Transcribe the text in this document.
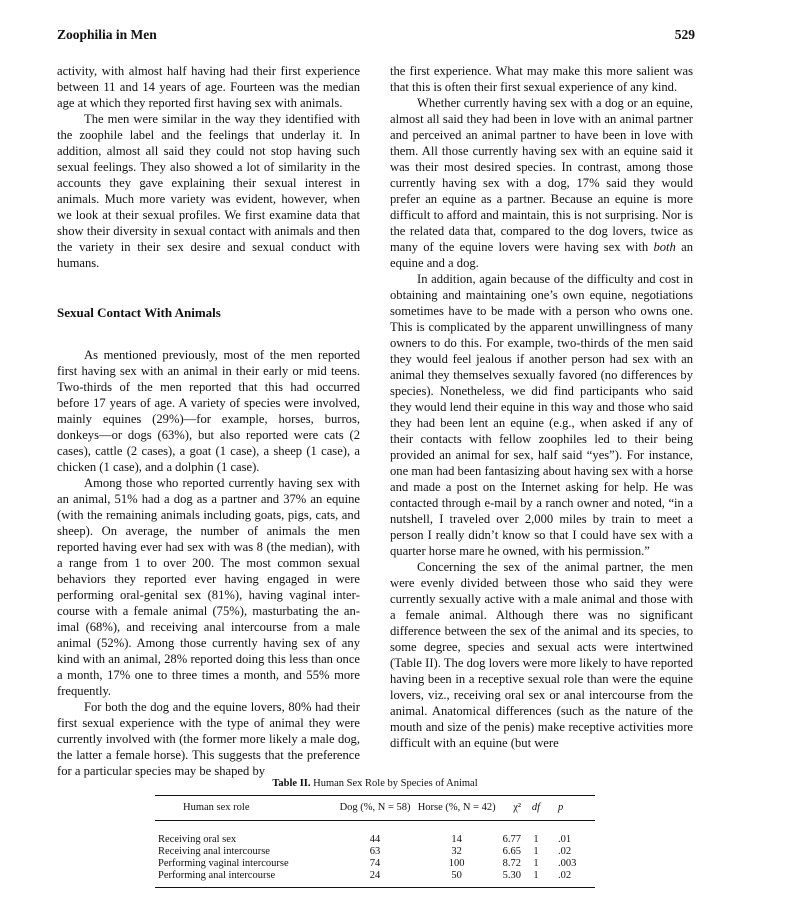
Zoophilia in Men	529

activity, with almost half having had their first experience between 11 and 14 years of age. Fourteen was the median age at which they reported first having sex with animals.

The men were similar in the way they identified with the zoophile label and the feelings that underlay it. In addition, almost all said they could not stop having such sexual feelings. They also showed a lot of similarity in the accounts they gave explaining their sexual interest in animals. Much more variety was evident, however, when we look at their sexual profiles. We first examine data that show their diversity in sexual contact with animals and then the variety in their sex desire and sexual conduct with humans.

Sexual Contact With Animals

As mentioned previously, most of the men reported first having sex with an animal in their early or mid teens. Two-thirds of the men reported that this had occurred before 17 years of age. A variety of species were involved, mainly equines (29%)—for example, horses, burros, donkeys—or dogs (63%), but also reported were cats (2 cases), cattle (2 cases), a goat (1 case), a sheep (1 case), a chicken (1 case), and a dolphin (1 case).

Among those who reported currently having sex with an animal, 51% had a dog as a partner and 37% an equine (with the remaining animals including goats, pigs, cats, and sheep). On average, the number of animals the men reported having ever had sex with was 8 (the median), with a range from 1 to over 200. The most common sexual behaviors they reported ever having engaged in were performing oral-genital sex (81%), having vaginal intercourse with a female animal (75%), masturbating the animal (68%), and receiving anal intercourse from a male animal (52%). Among those currently having sex of any kind with an animal, 28% reported doing this less than once a month, 17% one to three times a month, and 55% more frequently.

For both the dog and the equine lovers, 80% had their first sexual experience with the type of animal they were currently involved with (the former more likely a male dog, the latter a female horse). This suggests that the preference for a particular species may be shaped by

the first experience. What may make this more salient was that this is often their first sexual experience of any kind.

Whether currently having sex with a dog or an equine, almost all said they had been in love with an animal partner and perceived an animal partner to have been in love with them. All those currently having sex with an equine said it was their most desired species. In contrast, among those currently having sex with a dog, 17% said they would prefer an equine as a partner. Because an equine is more difficult to afford and maintain, this is not surprising. Nor is the related data that, compared to the dog lovers, twice as many of the equine lovers were having sex with both an equine and a dog.

In addition, again because of the difficulty and cost in obtaining and maintaining one’s own equine, negotiations sometimes have to be made with a person who owns one. This is complicated by the apparent unwillingness of many owners to do this. For example, two-thirds of the men said they would feel jealous if another person had sex with an animal they themselves sexually favored (no differences by species). Nonetheless, we did find participants who said they would lend their equine in this way and those who said they had been lent an equine (e.g., when asked if any of their contacts with fellow zoophiles led to their being provided an animal for sex, half said “yes”). For instance, one man had been fantasizing about having sex with a horse and made a post on the Internet asking for help. He was contacted through e-mail by a ranch owner and noted, “in a nutshell, I traveled over 2,000 miles by train to meet a person I really didn’t know so that I could have sex with a quarter horse mare he owned, with his permission.”

Concerning the sex of the animal partner, the men were evenly divided between those who said they were currently sexually active with a male animal and those with a female animal. Although there was no significant difference between the sex of the animal and its species, to some degree, species and sexual acts were intertwined (Table II). The dog lovers were more likely to have reported having been in a receptive sexual role than were the equine lovers, viz., receiving oral sex or anal intercourse from the animal. Anatomical differences (such as the nature of the mouth and size of the penis) make receptive activities more difficult with an equine (but were

Table II. Human Sex Role by Species of Animal
Human sex role	Dog (%, N = 58)	Horse (%, N = 42)	χ²	df	p
Receiving oral sex	44	14	6.77	1	.01
Receiving anal intercourse	63	32	6.65	1	.02
Performing vaginal intercourse	74	100	8.72	1	.003
Performing anal intercourse	24	50	5.30	1	.02
